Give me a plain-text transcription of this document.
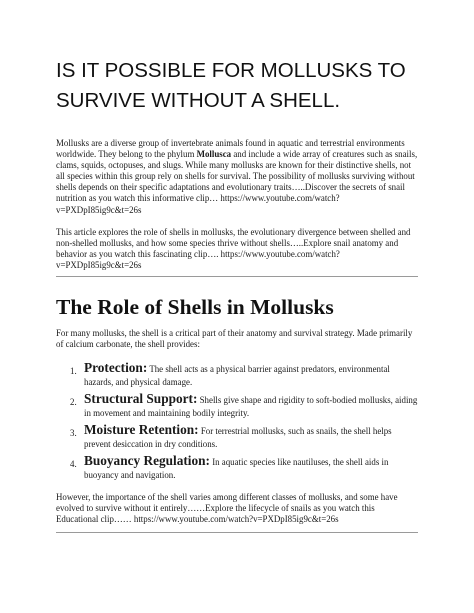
IS IT POSSIBLE FOR MOLLUSKS TO
SURVIVE WITHOUT A SHELL.

Mollusks are a diverse group of invertebrate animals found in aquatic and terrestrial environments worldwide. They belong to the phylum Mollusca and include a wide array of creatures such as snails, clams, squids, octopuses, and slugs. While many mollusks are known for their distinctive shells, not all species within this group rely on shells for survival. The possibility of mollusks surviving without shells depends on their specific adaptations and evolutionary traits…..Discover the secrets of snail nutrition as you watch this informative clip… https://www.youtube.com/watch?v=PXDpI85ig9c&t=26s

This article explores the role of shells in mollusks, the evolutionary divergence between shelled and non-shelled mollusks, and how some species thrive without shells…..Explore snail anatomy and behavior as you watch this fascinating clip…. https://www.youtube.com/watch?v=PXDpI85ig9c&t=26s

The Role of Shells in Mollusks

For many mollusks, the shell is a critical part of their anatomy and survival strategy. Made primarily of calcium carbonate, the shell provides:

1. Protection: The shell acts as a physical barrier against predators, environmental hazards, and physical damage.
2. Structural Support: Shells give shape and rigidity to soft-bodied mollusks, aiding in movement and maintaining bodily integrity.
3. Moisture Retention: For terrestrial mollusks, such as snails, the shell helps prevent desiccation in dry conditions.
4. Buoyancy Regulation: In aquatic species like nautiluses, the shell aids in buoyancy and navigation.

However, the importance of the shell varies among different classes of mollusks, and some have evolved to survive without it entirely……Explore the lifecycle of snails as you watch this Educational clip…… https://www.youtube.com/watch?v=PXDpI85ig9c&t=26s
